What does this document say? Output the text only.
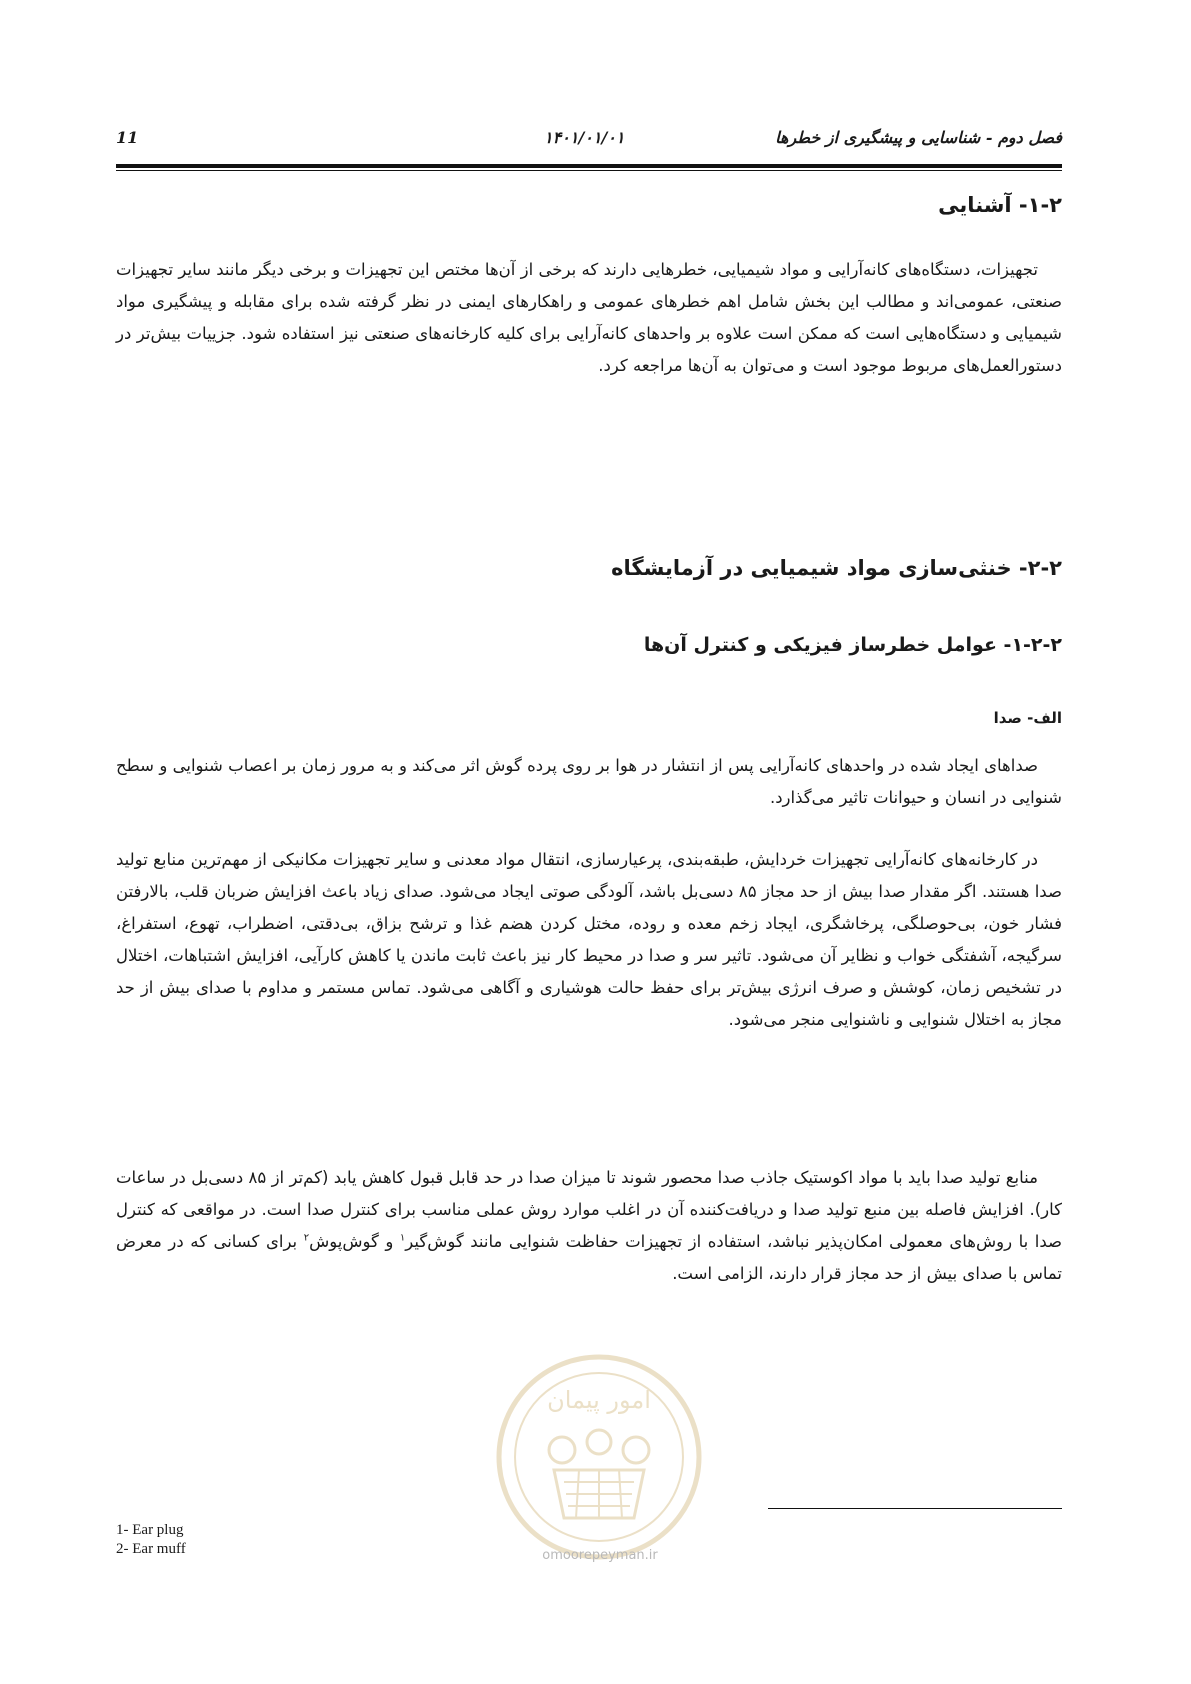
فصل دوم - شناسایی و پیشگیری از خطرها
۱۴۰۱/۰۱/۰۱
11
۱-۲- آشنایی

تجهیزات، دستگاه‌های کانه‌آرایی و مواد شیمیایی، خطرهایی دارند که برخی از آن‌ها مختص این تجهیزات و برخی دیگر مانند سایر تجهیزات صنعتی، عمومی‌اند و مطالب این بخش شامل اهم خطرهای عمومی و راهکارهای ایمنی در نظر گرفته شده برای مقابله و پیشگیری مواد شیمیایی و دستگاه‌هایی است که ممکن است علاوه بر واحدهای کانه‌آرایی برای کلیه کارخانه‌های صنعتی نیز استفاده شود. جزییات بیش‌تر در دستورالعمل‌های مربوط موجود است و می‌توان به آن‌ها مراجعه کرد.

۲-۲- خنثی‌سازی مواد شیمیایی در آزمایشگاه
۱-۲-۲- عوامل خطرساز فیزیکی و کنترل آن‌ها
الف- صدا

صداهای ایجاد شده در واحدهای کانه‌آرایی پس از انتشار در هوا بر روی پرده گوش اثر می‌کند و به مرور زمان بر اعصاب شنوایی و سطح شنوایی در انسان و حیوانات تاثیر می‌گذارد.

در کارخانه‌های کانه‌آرایی تجهیزات خردایش، طبقه‌بندی، پرعیارسازی، انتقال مواد معدنی و سایر تجهیزات مکانیکی از مهم‌ترین منابع تولید صدا هستند. اگر مقدار صدا بیش از حد مجاز ۸۵ دسی‌بل باشد، آلودگی صوتی ایجاد می‌شود. صدای زیاد باعث افزایش ضربان قلب، بالارفتن فشار خون، بی‌حوصلگی، پرخاشگری، ایجاد زخم معده و روده، مختل کردن هضم غذا و ترشح بزاق، بی‌دقتی، اضطراب، تهوع، استفراغ، سرگیجه، آشفتگی خواب و نظایر آن می‌شود. تاثیر سر و صدا در محیط کار نیز باعث ثابت ماندن یا کاهش کارآیی، افزایش اشتباهات، اختلال در تشخیص زمان، کوشش و صرف انرژی بیش‌تر برای حفظ حالت هوشیاری و آگاهی می‌شود. تماس مستمر و مداوم با صدای بیش از حد مجاز به اختلال شنوایی و ناشنوایی منجر می‌شود.

منابع تولید صدا باید با مواد اکوستیک جاذب صدا محصور شوند تا میزان صدا در حد قابل قبول کاهش یابد (کم‌تر از ۸۵ دسی‌بل در ساعات کار). افزایش فاصله بین منبع تولید صدا و دریافت‌کننده آن در اغلب موارد روش عملی مناسب برای کنترل صدا است. در مواقعی که کنترل صدا با روش‌های معمولی امکان‌پذیر نباشد، استفاده از تجهیزات حفاظت شنوایی مانند گوش‌گیر$^۱$ و گوش‌پوش$^۲$ برای کسانی که در معرض تماس با صدای بیش از حد مجاز قرار دارند، الزامی است.

امور پیمان
omoorepeyman.ir
1- Ear plug
2- Ear muff
